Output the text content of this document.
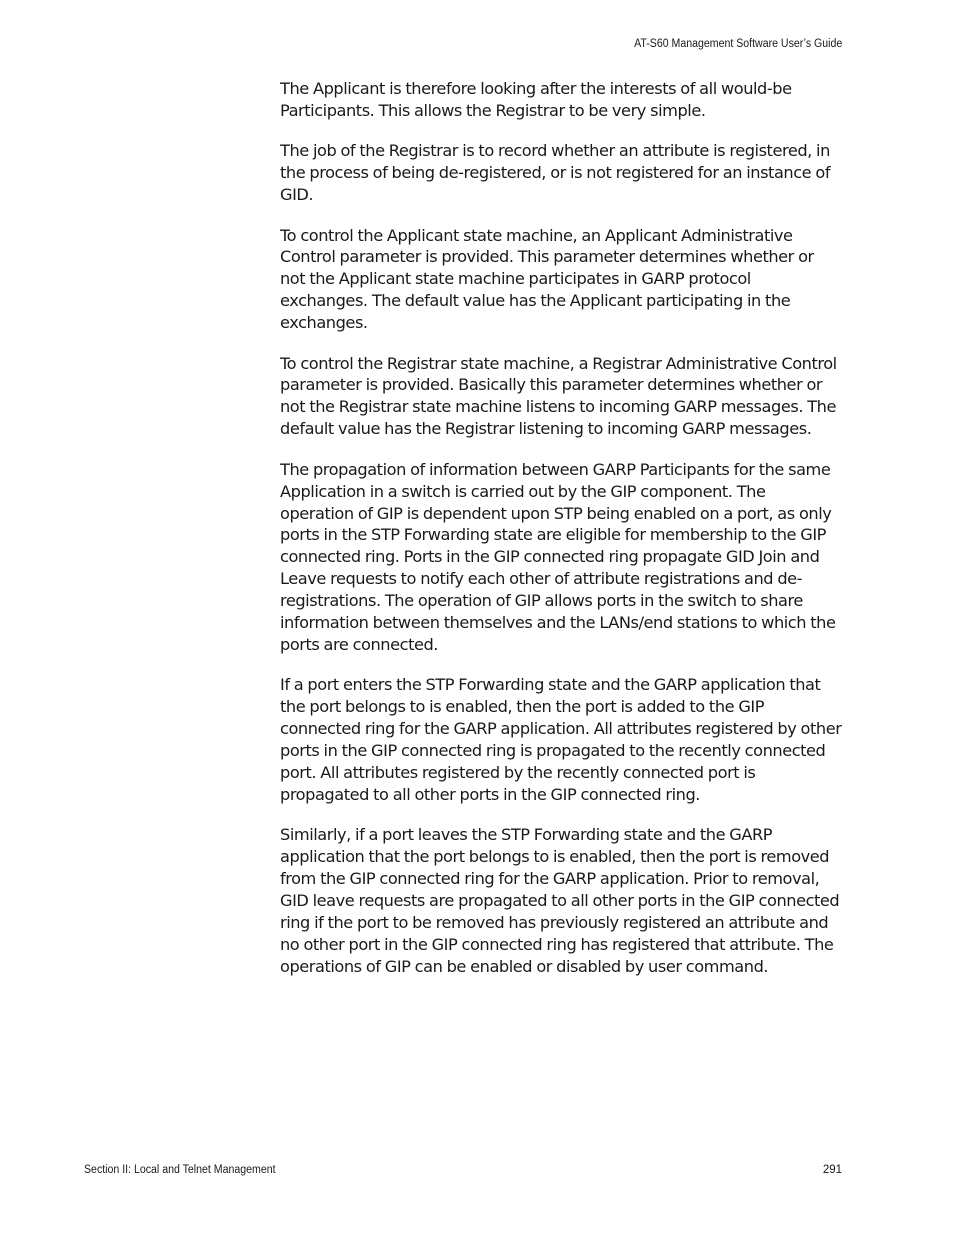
AT-S60 Management Software User’s Guide

The Applicant is therefore looking after the interests of all would-be Participants. This allows the Registrar to be very simple.

The job of the Registrar is to record whether an attribute is registered, in the process of being de-registered, or is not registered for an instance of GID.

To control the Applicant state machine, an Applicant Administrative Control parameter is provided. This parameter determines whether or not the Applicant state machine participates in GARP protocol exchanges. The default value has the Applicant participating in the exchanges.

To control the Registrar state machine, a Registrar Administrative Control parameter is provided. Basically this parameter determines whether or not the Registrar state machine listens to incoming GARP messages. The default value has the Registrar listening to incoming GARP messages.

The propagation of information between GARP Participants for the same Application in a switch is carried out by the GIP component. The operation of GIP is dependent upon STP being enabled on a port, as only ports in the STP Forwarding state are eligible for membership to the GIP connected ring. Ports in the GIP connected ring propagate GID Join and Leave requests to notify each other of attribute registrations and de-registrations. The operation of GIP allows ports in the switch to share information between themselves and the LANs/end stations to which the ports are connected.

If a port enters the STP Forwarding state and the GARP application that the port belongs to is enabled, then the port is added to the GIP connected ring for the GARP application. All attributes registered by other ports in the GIP connected ring is propagated to the recently connected port. All attributes registered by the recently connected port is propagated to all other ports in the GIP connected ring.

Similarly, if a port leaves the STP Forwarding state and the GARP application that the port belongs to is enabled, then the port is removed from the GIP connected ring for the GARP application. Prior to removal, GID leave requests are propagated to all other ports in the GIP connected ring if the port to be removed has previously registered an attribute and no other port in the GIP connected ring has registered that attribute. The operations of GIP can be enabled or disabled by user command.

Section II: Local and Telnet Management	291
